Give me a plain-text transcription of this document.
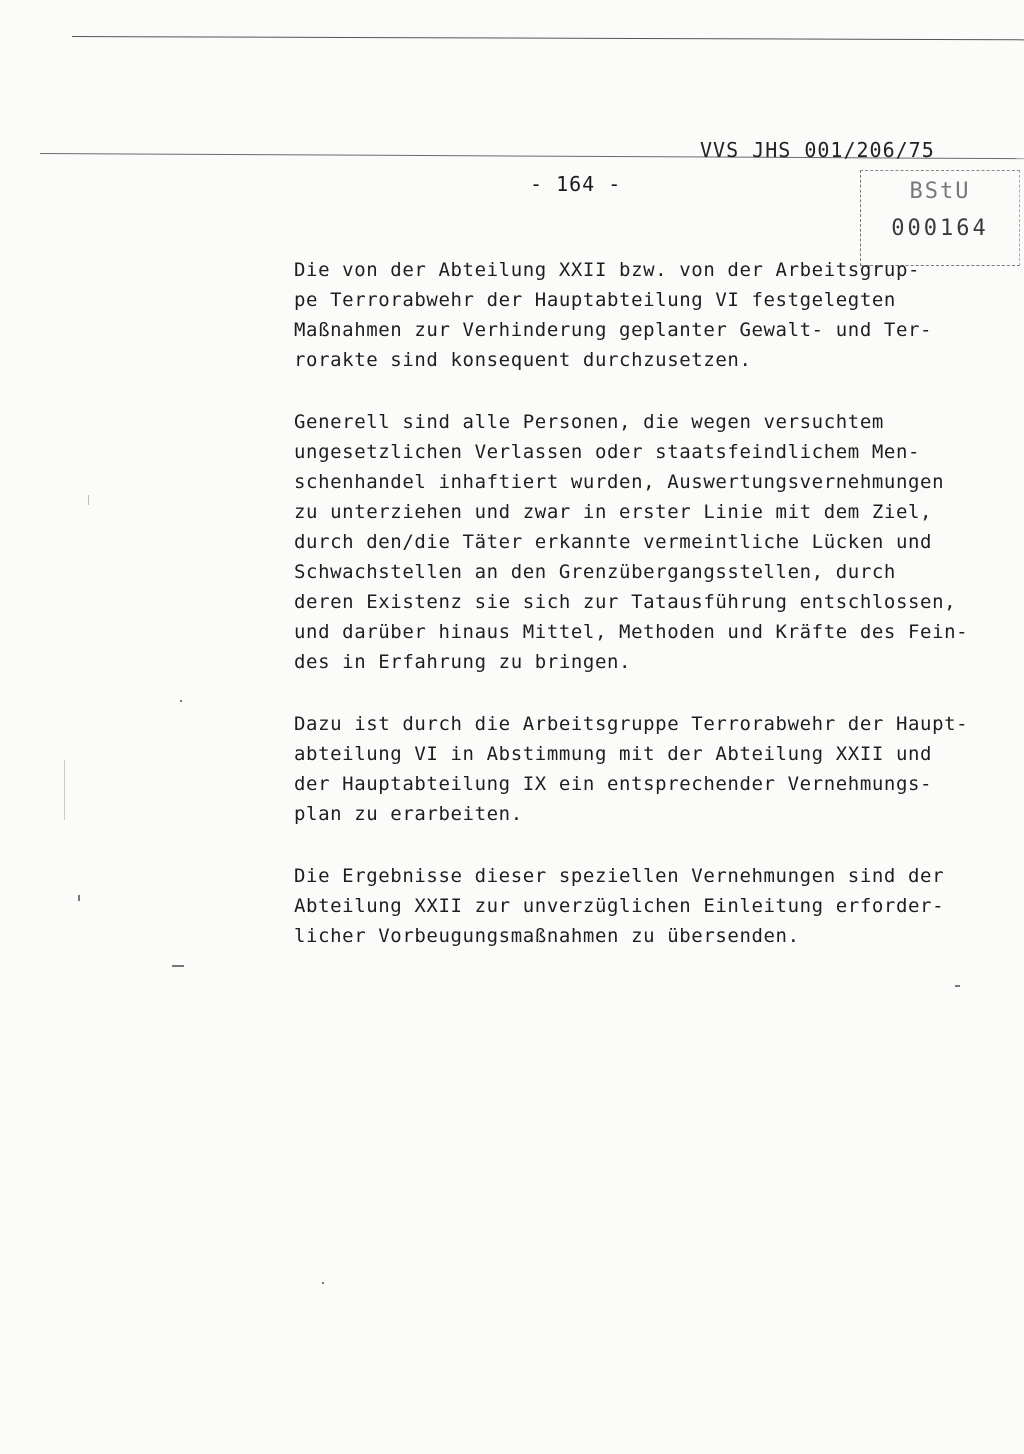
VVS JHS 001/206/75
- 164 -	BStU
000164
Die von der Abteilung XXII bzw. von der Arbeitsgrup-
pe Terrorabwehr der Hauptabteilung VI festgelegten
Maßnahmen zur Verhinderung geplanter Gewalt- und Ter-
rorakte sind konsequent durchzusetzen.
Generell sind alle Personen, die wegen versuchtem
ungesetzlichen Verlassen oder staatsfeindlichem Men-
schenhandel inhaftiert wurden, Auswertungsvernehmungen
zu unterziehen und zwar in erster Linie mit dem Ziel,
durch den/die Täter erkannte vermeintliche Lücken und
Schwachstellen an den Grenzübergangsstellen, durch
deren Existenz sie sich zur Tatausführung entschlossen,
und darüber hinaus Mittel, Methoden und Kräfte des Fein-
des in Erfahrung zu bringen.
Dazu ist durch die Arbeitsgruppe Terrorabwehr der Haupt-
abteilung VI in Abstimmung mit der Abteilung XXII und
der Hauptabteilung IX ein entsprechender Vernehmungs-
plan zu erarbeiten.
Die Ergebnisse dieser speziellen Vernehmungen sind der
Abteilung XXII zur unverzüglichen Einleitung erforder-
licher Vorbeugungsmaßnahmen zu übersenden.
